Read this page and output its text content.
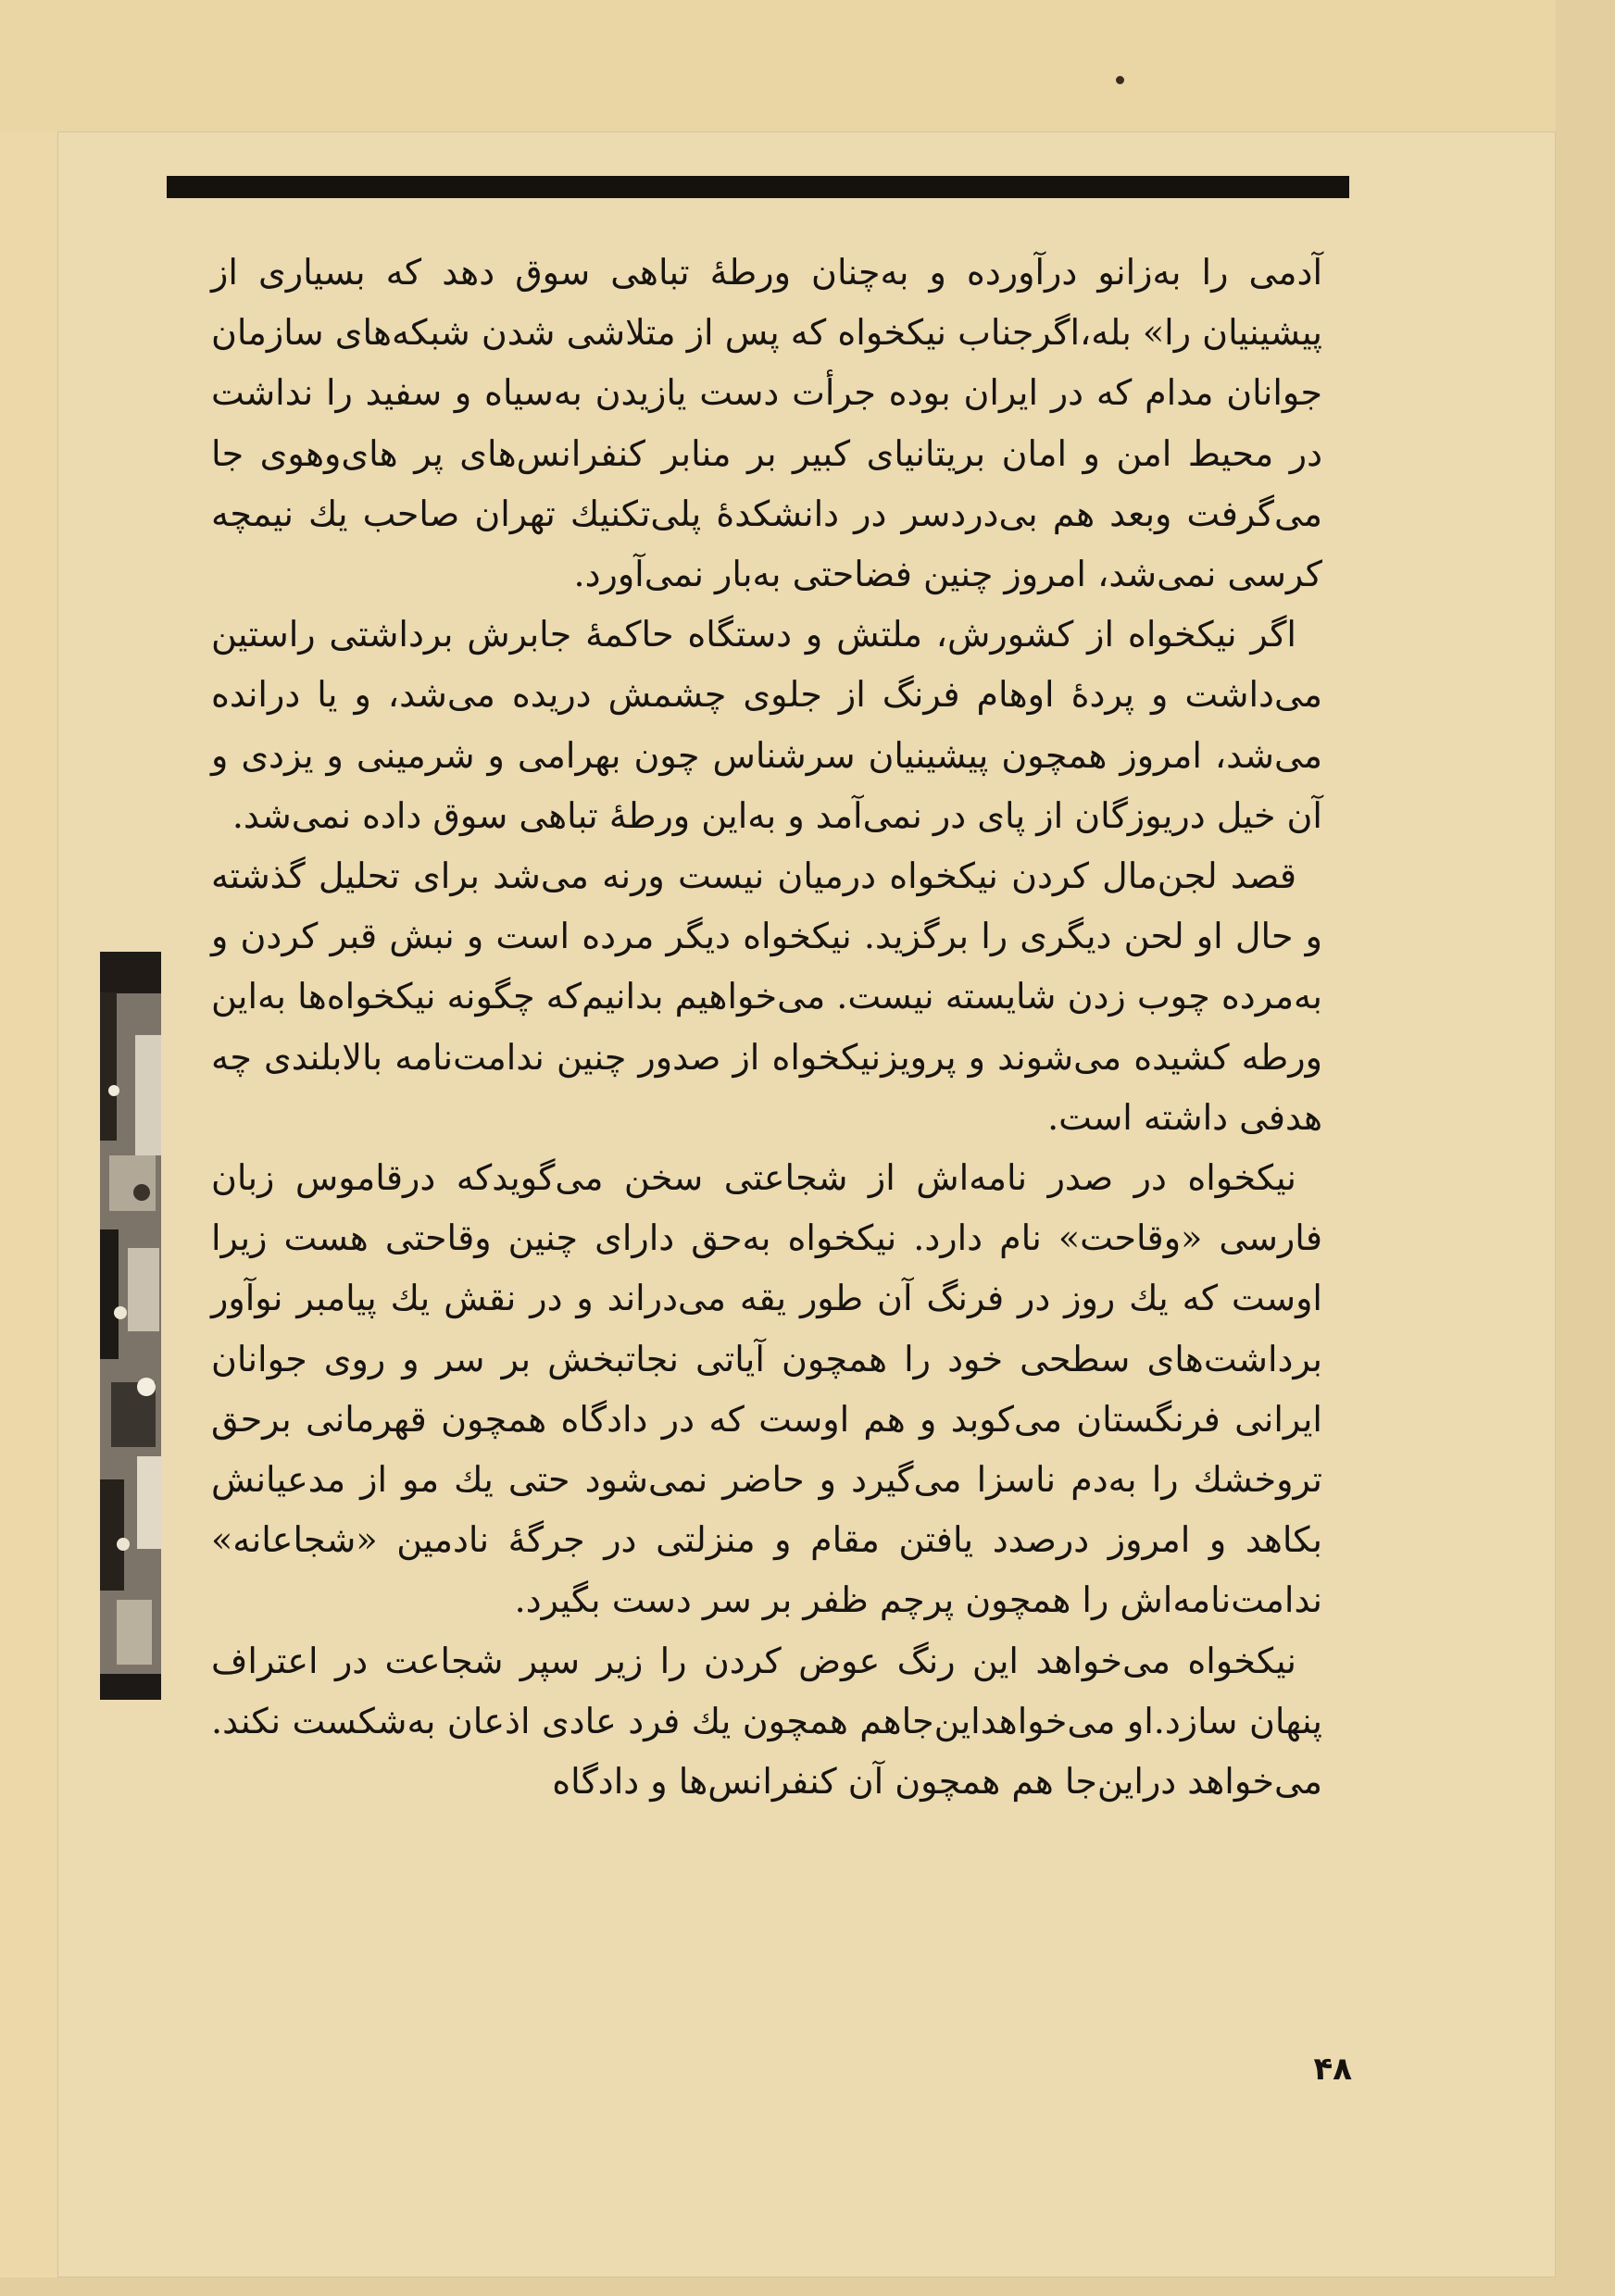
آدمی را به‌زانو درآورده و به‌چنان ورطهٔ تباهی سوق دهد که بسیاری از پیشینیان را» بله،اگرجناب نیکخواه که پس از متلاشی شدن شبکه‌های سازمان جوانان مدام که در ایران بوده جرأت دست یازیدن به‌سیاه و سفید را نداشت در محیط امن و امان بریتانیای کبیر بر منابر کنفرانس‌های پر های‌وهوی جا می‌گرفت وبعد هم بی‌دردسر در دانشکدهٔ پلی‌تکنیك تهران صاحب یك نیمچه کرسی نمی‌شد، امروز چنین فضاحتی به‌بار نمی‌آورد.

اگر نیکخواه از کشورش، ملتش و دستگاه حاکمهٔ جابرش برداشتی راستین می‌داشت و پردهٔ اوهام فرنگ از جلوی چشمش دریده می‌شد، و یا درانده می‌شد، امروز همچون پیشینیان سرشناس چون بهرامی و شرمینی و یزدی و آن خیل دریوزگان از پای در نمی‌آمد و به‌این ورطهٔ تباهی سوق داده نمی‌شد.

قصد لجن‌مال کردن نیکخواه درمیان نیست ورنه می‌شد برای تحلیل گذشته و حال او لحن دیگری را برگزید. نیکخواه دیگر مرده است و نبش قبر کردن و به‌مرده چوب زدن شایسته نیست. می‌خواهیم بدانیم‌که چگونه نیکخواه‌ها به‌این ورطه کشیده می‌شوند و پرویزنیکخواه از صدور چنین ندامت‌نامه بالابلندی چه هدفی داشته است.

نیکخواه در صدر نامه‌اش از شجاعتی سخن می‌گویدکه درقاموس زبان فارسی «وقاحت» نام دارد. نیکخواه به‌حق دارای چنین وقاحتی هست زیرا اوست که یك روز در فرنگ آن طور یقه می‌دراند و در نقش یك پیامبر نوآور برداشت‌های سطحی خود را همچون آیاتی نجاتبخش بر سر و روی جوانان ایرانی فرنگستان می‌کوبد و هم اوست که در دادگاه همچون قهرمانی برحق تروخشك را به‌دم ناسزا می‌گیرد و حاضر نمی‌شود حتی یك مو از مدعیانش بکاهد و امروز درصدد یافتن مقام و منزلتی در جرگهٔ نادمین «شجاعانه» ندامت‌نامه‌اش را همچون پرچم ظفر بر سر دست بگیرد.

نیکخواه می‌خواهد این رنگ عوض کردن را زیر سپر شجاعت در اعتراف پنهان سازد.او می‌خواهداین‌جاهم همچون یك فرد عادی اذعان به‌شکست نکند. می‌خواهد دراین‌جا هم همچون آن کنفرانس‌ها و دادگاه

۴۸
